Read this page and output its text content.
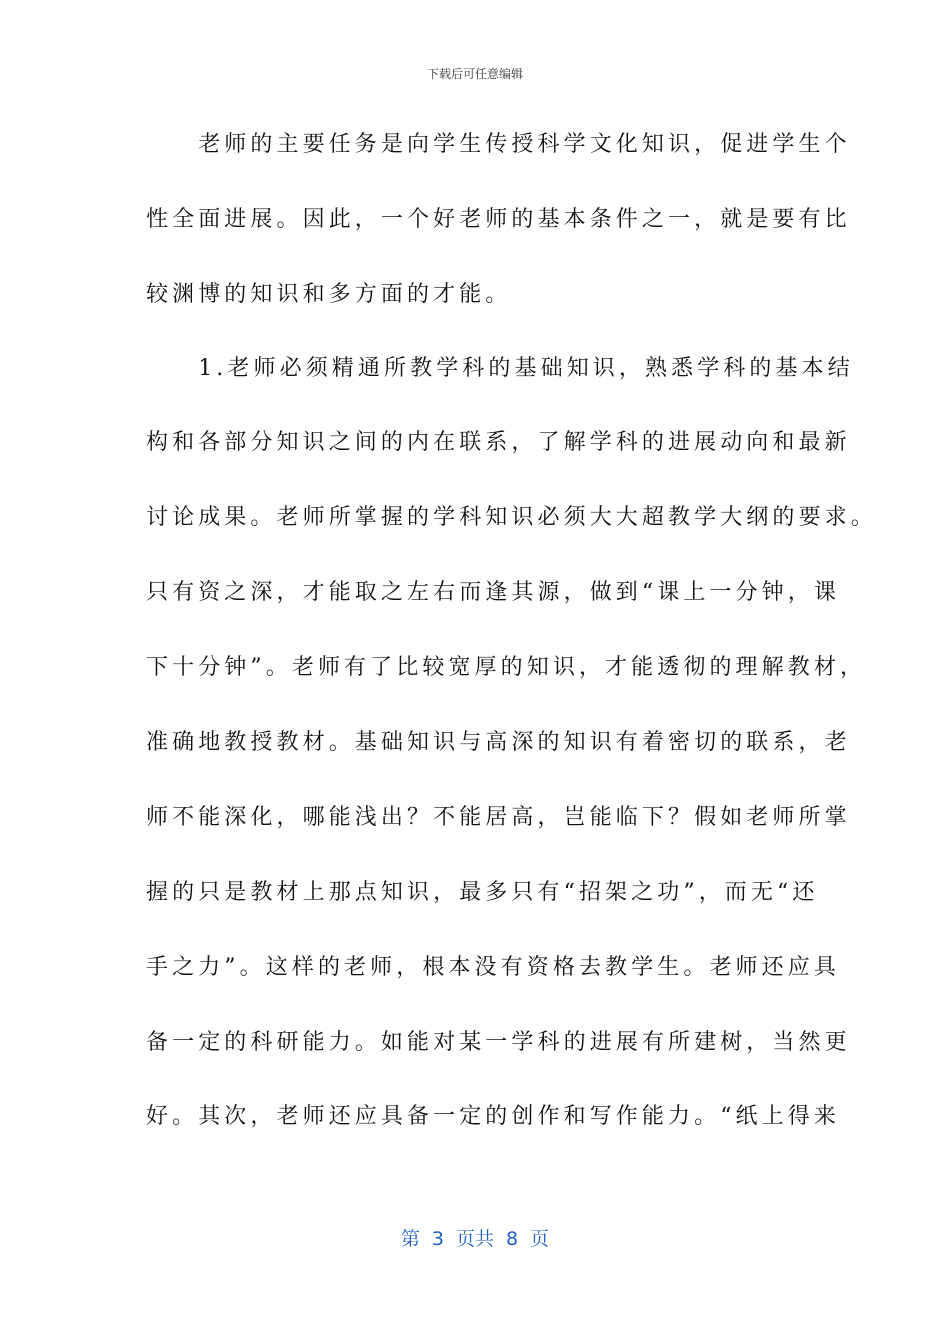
下载后可任意编辑
　　老师的主要任务是向学生传授科学文化知识，促进学生个
性全面进展。因此，一个好老师的基本条件之一，就是要有比
较渊博的知识和多方面的才能。
　　1.老师必须精通所教学科的基础知识，熟悉学科的基本结
构和各部分知识之间的内在联系，了解学科的进展动向和最新
讨论成果。老师所掌握的学科知识必须大大超教学大纲的要求。
只有资之深，才能取之左右而逢其源，做到“课上一分钟，课
下十分钟”。老师有了比较宽厚的知识，才能透彻的理解教材，
准确地教授教材。基础知识与高深的知识有着密切的联系，老
师不能深化，哪能浅出？不能居高，岂能临下？假如老师所掌
握的只是教材上那点知识，最多只有“招架之功”，而无“还
手之力”。这样的老师，根本没有资格去教学生。老师还应具
备一定的科研能力。如能对某一学科的进展有所建树，当然更
好。其次，老师还应具备一定的创作和写作能力。“纸上得来
第 3 页共 8 页
